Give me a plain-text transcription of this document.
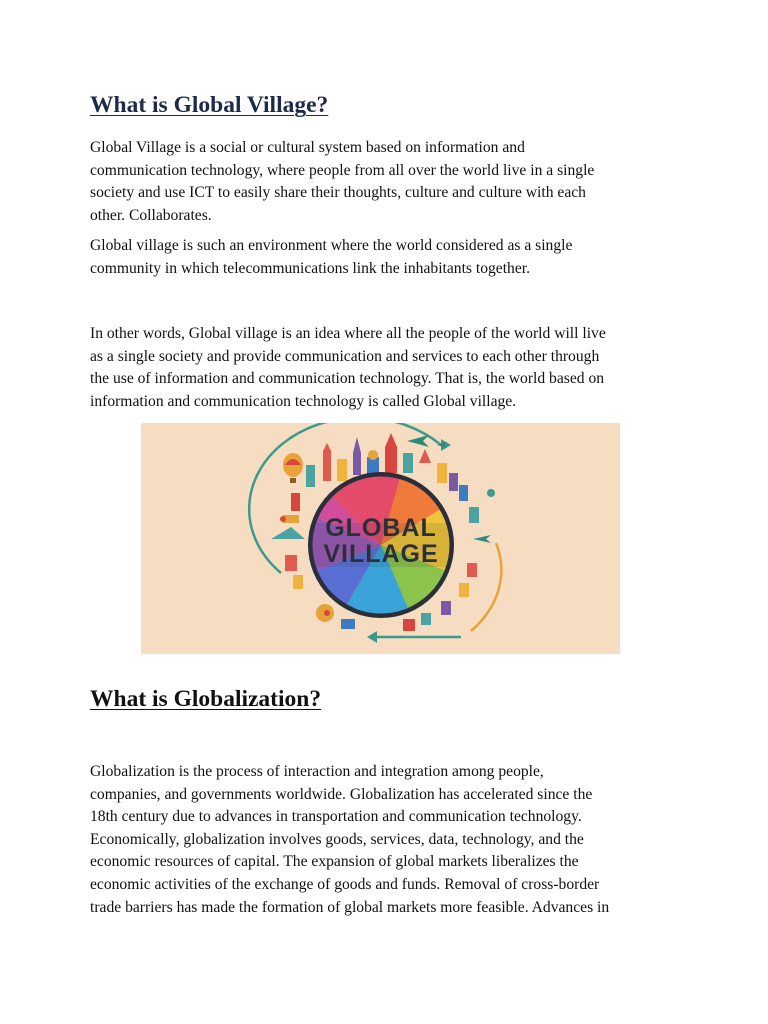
What is Global Village?

Global Village is a social or cultural system based on information and
communication technology, where people from all over the world live in a single
society and use ICT to easily share their thoughts, culture and culture with each
other. Collaborates.

Global village is such an environment where the world considered as a single
community in which telecommunications link the inhabitants together.

In other words, Global village is an idea where all the people of the world will live
as a single society and provide communication and services to each other through
the use of information and communication technology. That is, the world based on
information and communication technology is called Global village.

GLOBAL
VILLAGE
What is Globalization?

Globalization is the process of interaction and integration among people,
companies, and governments worldwide. Globalization has accelerated since the
18th century due to advances in transportation and communication technology.
Economically, globalization involves goods, services, data, technology, and the
economic resources of capital. The expansion of global markets liberalizes the
economic activities of the exchange of goods and funds. Removal of cross-border
trade barriers has made the formation of global markets more feasible. Advances in
